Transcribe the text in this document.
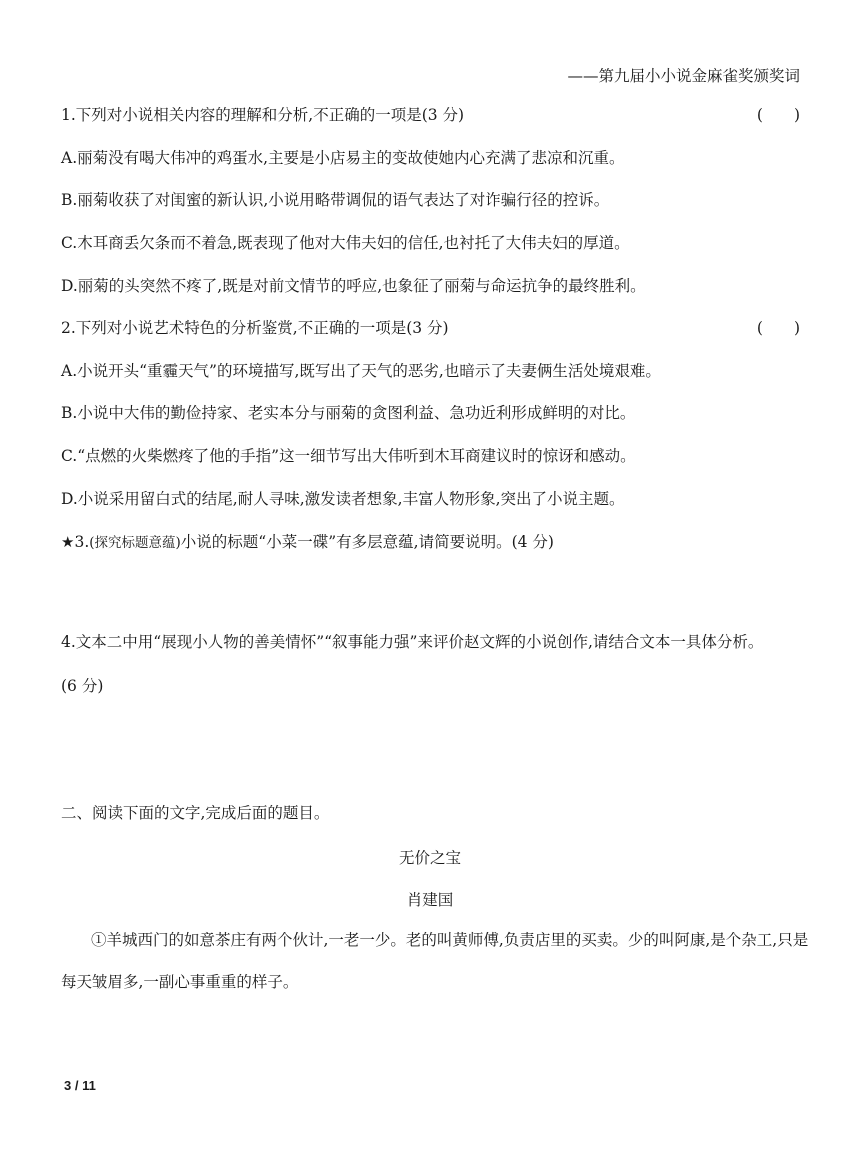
——第九届小小说金麻雀奖颁奖词
1.下列对小说相关内容的理解和分析,不正确的一项是(3 分)	(　　)
A.丽菊没有喝大伟冲的鸡蛋水,主要是小店易主的变故使她内心充满了悲凉和沉重。
B.丽菊收获了对闺蜜的新认识,小说用略带调侃的语气表达了对诈骗行径的控诉。
C.木耳商丢欠条而不着急,既表现了他对大伟夫妇的信任,也衬托了大伟夫妇的厚道。
D.丽菊的头突然不疼了,既是对前文情节的呼应,也象征了丽菊与命运抗争的最终胜利。
2.下列对小说艺术特色的分析鉴赏,不正确的一项是(3 分)	(　　)
A.小说开头“重霾天气”的环境描写,既写出了天气的恶劣,也暗示了夫妻俩生活处境艰难。
B.小说中大伟的勤俭持家、老实本分与丽菊的贪图利益、急功近利形成鲜明的对比。
C.“点燃的火柴燃疼了他的手指”这一细节写出大伟听到木耳商建议时的惊讶和感动。
D.小说采用留白式的结尾,耐人寻味,激发读者想象,丰富人物形象,突出了小说主题。
★3.(探究标题意蕴)小说的标题“小菜一碟”有多层意蕴,请简要说明。(4 分)
4.文本二中用“展现小人物的善美情怀”“叙事能力强”来评价赵文辉的小说创作,请结合文本一具体分析。
(6 分)
二、阅读下面的文字,完成后面的题目。
无价之宝
肖建国
①羊城西门的如意茶庄有两个伙计,一老一少。老的叫黄师傅,负责店里的买卖。少的叫阿康,是个杂工,只是
每天皱眉多,一副心事重重的样子。
3 / 11
